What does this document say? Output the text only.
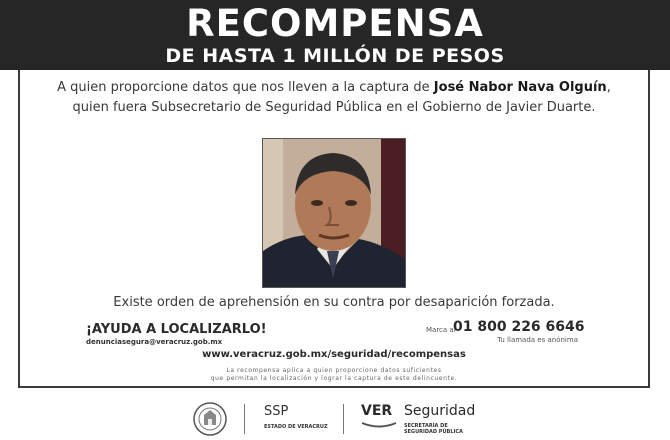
RECOMPENSA
DE HASTA 1 MILLÓN DE PESOS
A quien proporcione datos que nos lleven a la captura de José Nabor Nava Olguín,
quien fuera Subsecretario de Seguridad Pública en el Gobierno de Javier Duarte.
Existe orden de aprehensión en su contra por desaparición forzada.
¡AYUDA A LOCALIZARLO!
denunciasegura@veracruz.gob.mx
Marca al
01 800 226 6646
Tu llamada es anónima
www.veracruz.gob.mx/seguridad/recompensas
La recompensa aplica a quien proporcione datos suficientes
que permitan la localización y lograr la captura de este delincuente.
SSP
ESTADO DE VERACRUZ
VER Seguridad
SECRETARÍA DE
SEGURIDAD PÚBLICA
